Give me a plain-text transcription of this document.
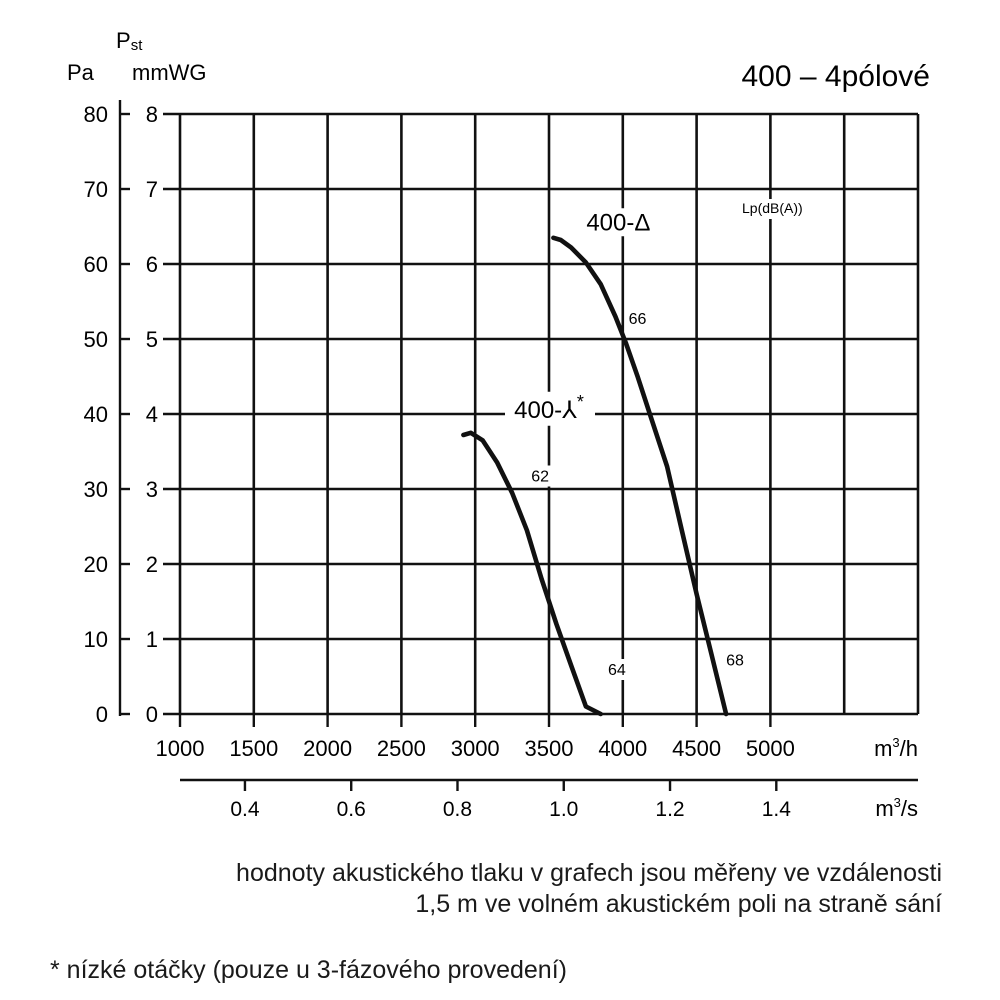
0
10
20
30
40
50
60
70
80
0
1
2
3
4
5
6
7
8
1000 1500 2000 2500 3000 3500 4000 4500 5000
0.4	0.6	0.8	1.0	1.2	1.4
$m^3/h$
$m^3/s$
Pa mmWG
Pst
400 – 4pólové
Lp(dB(A))
66
68
62
64
400-Δ
400-⅄*
hodnoty akustického tlaku v grafech jsou měřeny ve vzdálenosti
1,5 m ve volném akustickém poli na straně sání
* nízké otáčky (pouze u 3-fázového provedení)
